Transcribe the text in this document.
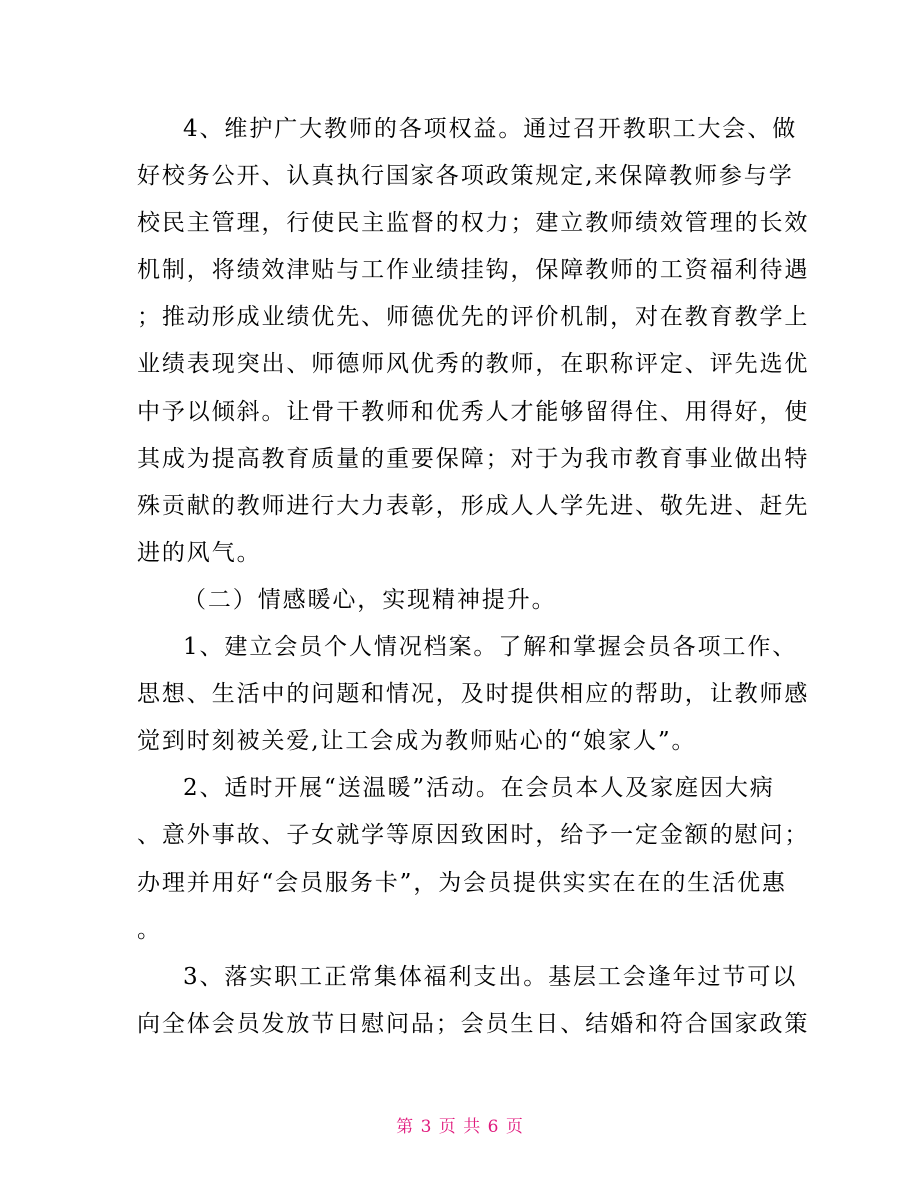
4、维护广大教师的各项权益。通过召开教职工大会、做
好校务公开、认真执行国家各项政策规定,来保障教师参与学
校民主管理，行使民主监督的权力；建立教师绩效管理的长效
机制，将绩效津贴与工作业绩挂钩，保障教师的工资福利待遇
；推动形成业绩优先、师德优先的评价机制，对在教育教学上
业绩表现突出、师德师风优秀的教师，在职称评定、评先选优
中予以倾斜。让骨干教师和优秀人才能够留得住、用得好，使
其成为提高教育质量的重要保障；对于为我市教育事业做出特
殊贡献的教师进行大力表彰，形成人人学先进、敬先进、赶先
进的风气。
（二）情感暖心，实现精神提升。
1、建立会员个人情况档案。了解和掌握会员各项工作、
思想、生活中的问题和情况，及时提供相应的帮助，让教师感
觉到时刻被关爱,让工会成为教师贴心的“娘家人”。
2、适时开展“送温暖”活动。在会员本人及家庭因大病
、意外事故、子女就学等原因致困时，给予一定金额的慰问；
办理并用好“会员服务卡”，为会员提供实实在在的生活优惠
。
3、落实职工正常集体福利支出。基层工会逢年过节可以
向全体会员发放节日慰问品；会员生日、结婚和符合国家政策
第 3 页 共 6 页
